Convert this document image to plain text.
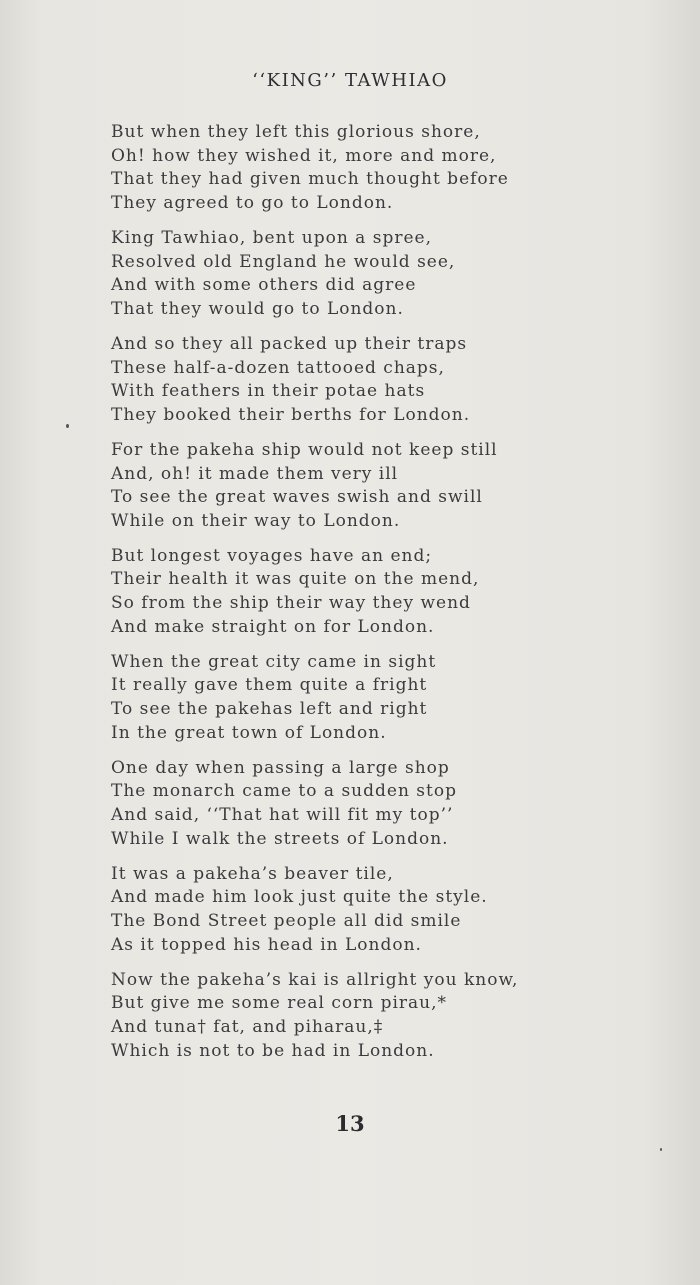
‘‘KING’’ TAWHIAO
But when they left this glorious shore,
Oh! how they wished it, more and more,
That they had given much thought before
They agreed to go to London.
King Tawhiao, bent upon a spree,
Resolved old England he would see,
And with some others did agree
That they would go to London.
And so they all packed up their traps
These half-a-dozen tattooed chaps,
With feathers in their potae hats
They booked their berths for London.
For the pakeha ship would not keep still
And, oh! it made them very ill
To see the great waves swish and swill
While on their way to London.
But longest voyages have an end;
Their health it was quite on the mend,
So from the ship their way they wend
And make straight on for London.
When the great city came in sight
It really gave them quite a fright
To see the pakehas left and right
In the great town of London.
One day when passing a large shop
The monarch came to a sudden stop
And said, ‘‘That hat will fit my top’’
While I walk the streets of London.
It was a pakeha’s beaver tile,
And made him look just quite the style.
The Bond Street people all did smile
As it topped his head in London.
Now the pakeha’s kai is allright you know,
But give me some real corn pirau,*
And tuna† fat, and piharau,‡
Which is not to be had in London.
13
